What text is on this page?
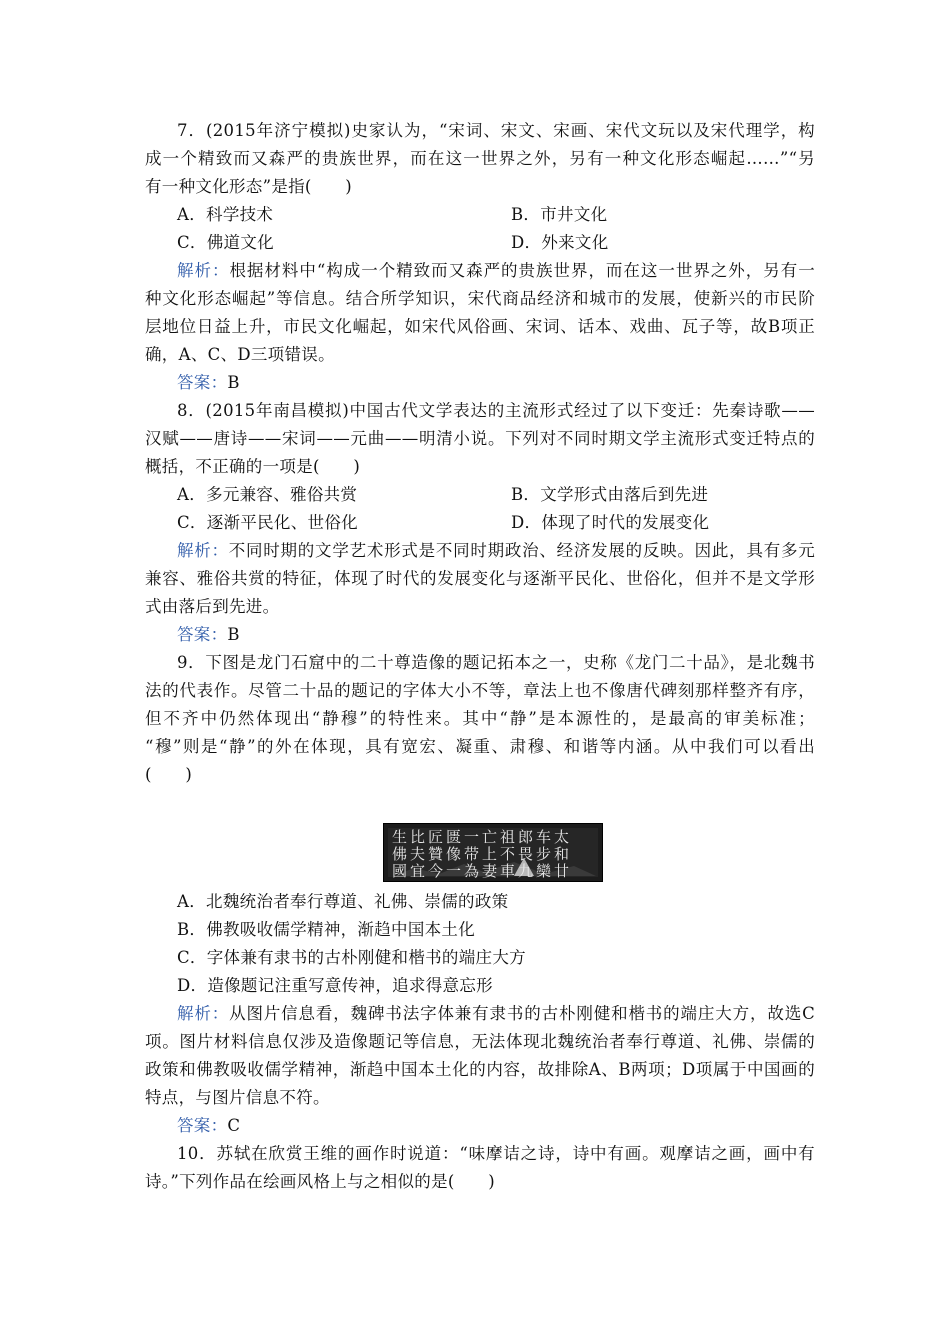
7．(2015年济宁模拟)史家认为，“宋词、宋文、宋画、宋代文玩以及宋代理学，构
成一个精致而又森严的贵族世界，而在这一世界之外，另有一种文化形态崛起……”“另
有一种文化形态”是指(　　)
A．科学技术	B．市井文化
C．佛道文化	D．外来文化
解析：根据材料中“构成一个精致而又森严的贵族世界，而在这一世界之外，另有一
种文化形态崛起”等信息。结合所学知识，宋代商品经济和城市的发展，使新兴的市民阶
层地位日益上升，市民文化崛起，如宋代风俗画、宋词、话本、戏曲、瓦子等，故B项正
确，A、C、D三项错误。
答案：B
8．(2015年南昌模拟)中国古代文学表达的主流形式经过了以下变迁：先秦诗歌——
汉赋——唐诗——宋词——元曲——明清小说。下列对不同时期文学主流形式变迁特点的
概括，不正确的一项是(　　)
A．多元兼容、雅俗共赏	B．文学形式由落后到先进
C．逐渐平民化、世俗化	D．体现了时代的发展变化
解析：不同时期的文学艺术形式是不同时期政治、经济发展的反映。因此，具有多元
兼容、雅俗共赏的特征，体现了时代的发展变化与逐渐平民化、世俗化，但并不是文学形
式由落后到先进。
答案：B
9．下图是龙门石窟中的二十尊造像的题记拓本之一，史称《龙门二十品》，是北魏书
法的代表作。尽管二十品的题记的字体大小不等，章法上也不像唐代碑刻那样整齐有序，
但不齐中仍然体现出“静穆”的特性来。其中“静”是本源性的，是最高的审美标准；
“穆”则是“静”的外在体现，具有宽宏、凝重、肃穆、和谐等内涵。从中我们可以看出
(　　)
生比匠匮一亡祖郎车太
佛夫贊像带上不畏步和
國宜今一為妻車九欒廿
A．北魏统治者奉行尊道、礼佛、崇儒的政策
B．佛教吸收儒学精神，渐趋中国本土化
C．字体兼有隶书的古朴刚健和楷书的端庄大方
D．造像题记注重写意传神，追求得意忘形
解析：从图片信息看，魏碑书法字体兼有隶书的古朴刚健和楷书的端庄大方，故选C
项。图片材料信息仅涉及造像题记等信息，无法体现北魏统治者奉行尊道、礼佛、崇儒的
政策和佛教吸收儒学精神，渐趋中国本土化的内容，故排除A、B两项；D项属于中国画的
特点，与图片信息不符。
答案：C
10．苏轼在欣赏王维的画作时说道：“味摩诘之诗，诗中有画。观摩诘之画，画中有
诗。”下列作品在绘画风格上与之相似的是(　　)
